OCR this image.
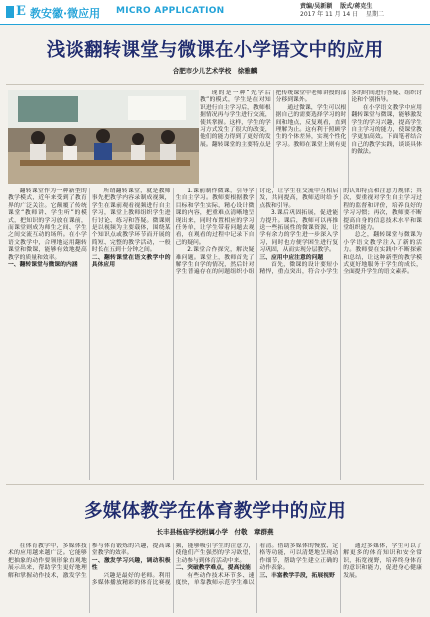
E 教安徽·微应用 MICRO APPLICATION	责编/吴新颖 版式/蒋克生
2017 年 11 月 14 日 星期二
浅谈翻转课堂与微课在小学语文中的应用
合肥市少儿艺术学校　徐雅麟

现的是一种“先学后教”的模式，学生是在对知识进行自主学习后，教师根据情况再与学生进行交流，使其掌握。这样，学生的学习方式发生了很大的改变，他们的能力得到了更好的发展。翻转课堂的主要特点是把传统课堂中老师讲授的部分移到课外。

通过微课，学生可以根据自己的需要选择学习的时间和地点，反复观看，直到理解为止。这有利于照顾学生的个体差异，实现个性化学习。教师在课堂上则有更多的时间进行答疑、组织讨论和个别指导。

在小学语文教学中应用翻转课堂与微课，能够激发学生的学习兴趣，提高学生自主学习的能力，使课堂教学更加高效。下面笔者结合自己的教学实践，谈谈具体的做法。

翻转课堂作为一种新型的教学模式，近年来受到了教育界的广泛关注。它颠覆了传统课堂“教师讲、学生听”的模式，把知识的学习放在课前，而课堂则成为师生之间、学生之间交流互动的场所。在小学语文教学中，合理地运用翻转课堂和微课，能够有效地提高教学的质量和效率。

一、翻转课堂与微课的内涵

所谓翻转课堂，就是教师事先把教学内容录制成视频，学生在课前观看视频进行自主学习，课堂上教师组织学生进行讨论、练习和答疑。微课则是以视频为主要载体，围绕某个知识点或教学环节而开展的简短、完整的教学活动，一般时长在五到十分钟之间。

二、翻转课堂在语文教学中的具体应用

1.课前制作微课，引导学生自主学习。教师要根据教学目标和学生实际，精心设计微课的内容，把重难点清晰地呈现出来，同时布置相应的学习任务单，让学生带着问题去观看，在观看的过程中记录下自己的疑问。

2.课堂合作探究，解决疑难问题。课堂上，教师首先了解学生自学的情况，然后针对学生普遍存在的问题组织小组讨论，让学生在交流中互相启发，共同提高，教师适时给予点拨和引导。

3.课后巩固拓展，促进能力提升。课后，教师可以再推送一些拓展性的微课资源，让学有余力的学生进一步深入学习，同时也方便学困生进行复习巩固，从而实现分层教学。

三、应用中应注意的问题

首先，微课的设计要短小精悍，重点突出，符合小学生的认知特点和注意力规律；其次，要重视对学生自主学习过程的监督和评价，培养良好的学习习惯；再次，教师要不断提高自身的信息技术水平和课堂组织能力。

总之，翻转课堂与微课为小学语文教学注入了新的活力。教师要在实践中不断探索和总结，让这种新型的教学模式更好地服务于学生的成长，全面提升学生的语文素养。

多媒体教学在体育教学中的应用
长丰县杨庙学校附属小学　付敬　章群燕

在体育教学中，多媒体技术的应用越来越广泛。它能够把抽象的动作要领形象直观地展示出来，帮助学生更好地理解和掌握动作技术，激发学生参与体育锻炼的兴趣，提高课堂教学的效率。

一、激发学习兴趣，调动积极性

兴趣是最好的老师。利用多媒体播放精彩的体育比赛视频，能够吸引学生的注意力，使他们产生强烈的学习欲望，主动参与到体育活动中来。

二、突破教学难点，提高技能

有些动作技术环节多、速度快，单靠教师示范学生难以看清。借助多媒体的慢放、定格等功能，可以清楚地呈现动作细节，帮助学生建立正确的动作表象。

三、丰富教学手段，拓展视野

通过多媒体，学生可以了解更多的体育知识和安全常识，拓宽视野，培养终身体育的意识和能力，促进身心健康发展。
